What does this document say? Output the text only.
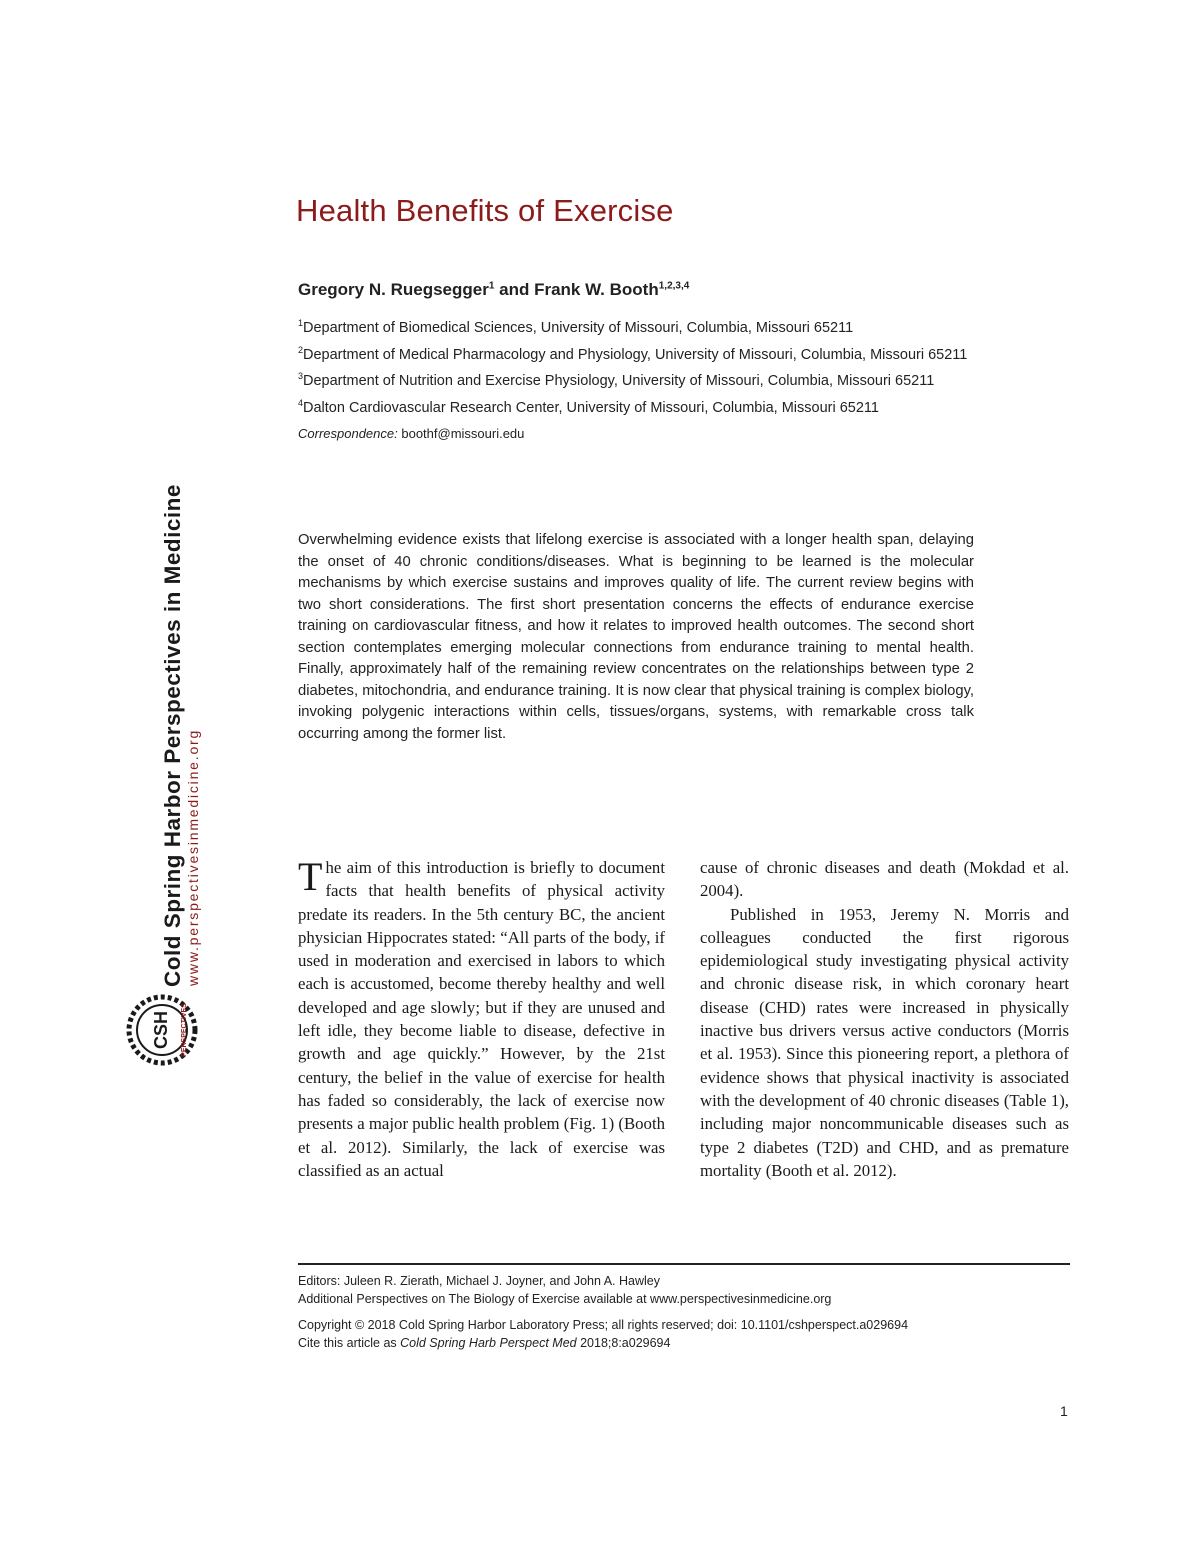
Cold Spring Harbor Perspectives in Medicine www.perspectivesinmedicine.org
CSH PERSPECTIVES
Health Benefits of Exercise
Gregory N. Ruegsegger$^1$ and Frank W. Booth$^{1,2,3,4}$
$^1$Department of Biomedical Sciences, University of Missouri, Columbia, Missouri 65211
$^2$Department of Medical Pharmacology and Physiology, University of Missouri, Columbia, Missouri 65211
$^3$Department of Nutrition and Exercise Physiology, University of Missouri, Columbia, Missouri 65211
$^4$Dalton Cardiovascular Research Center, University of Missouri, Columbia, Missouri 65211
Correspondence: boothf@missouri.edu
Overwhelming evidence exists that lifelong exercise is associated with a longer health span, delaying the onset of 40 chronic conditions/diseases. What is beginning to be learned is the molecular mechanisms by which exercise sustains and improves quality of life. The current review begins with two short considerations. The first short presentation concerns the effects of endurance exercise training on cardiovascular fitness, and how it relates to improved health outcomes. The second short section contemplates emerging molecular connections from endurance training to mental health. Finally, approximately half of the remaining review concentrates on the relationships between type 2 diabetes, mitochondria, and endurance training. It is now clear that physical training is complex biology, invoking polygenic interactions within cells, tissues/organs, systems, with remarkable cross talk occurring among the former list.

The aim of this introduction is briefly to document facts that health benefits of physical activity predate its readers. In the 5th century BC, the ancient physician Hippocrates stated: “All parts of the body, if used in moderation and exercised in labors to which each is accustomed, become thereby healthy and well developed and age slowly; but if they are unused and left idle, they become liable to disease, defective in growth and age quickly.” However, by the 21st century, the belief in the value of exercise for health has faded so considerably, the lack of exercise now presents a major public health problem (Fig. 1) (Booth et al. 2012). Similarly, the lack of exercise was classified as an actual

cause of chronic diseases and death (Mokdad et al. 2004).

Published in 1953, Jeremy N. Morris and colleagues conducted the first rigorous epidemiological study investigating physical activity and chronic disease risk, in which coronary heart disease (CHD) rates were increased in physically inactive bus drivers versus active conductors (Morris et al. 1953). Since this pioneering report, a plethora of evidence shows that physical inactivity is associated with the development of 40 chronic diseases (Table 1), including major noncommunicable diseases such as type 2 diabetes (T2D) and CHD, and as premature mortality (Booth et al. 2012).

Editors: Juleen R. Zierath, Michael J. Joyner, and John A. Hawley
Additional Perspectives on The Biology of Exercise available at www.perspectivesinmedicine.org
Copyright © 2018 Cold Spring Harbor Laboratory Press; all rights reserved; doi: 10.1101/cshperspect.a029694
Cite this article as Cold Spring Harb Perspect Med 2018;8:a029694
1
